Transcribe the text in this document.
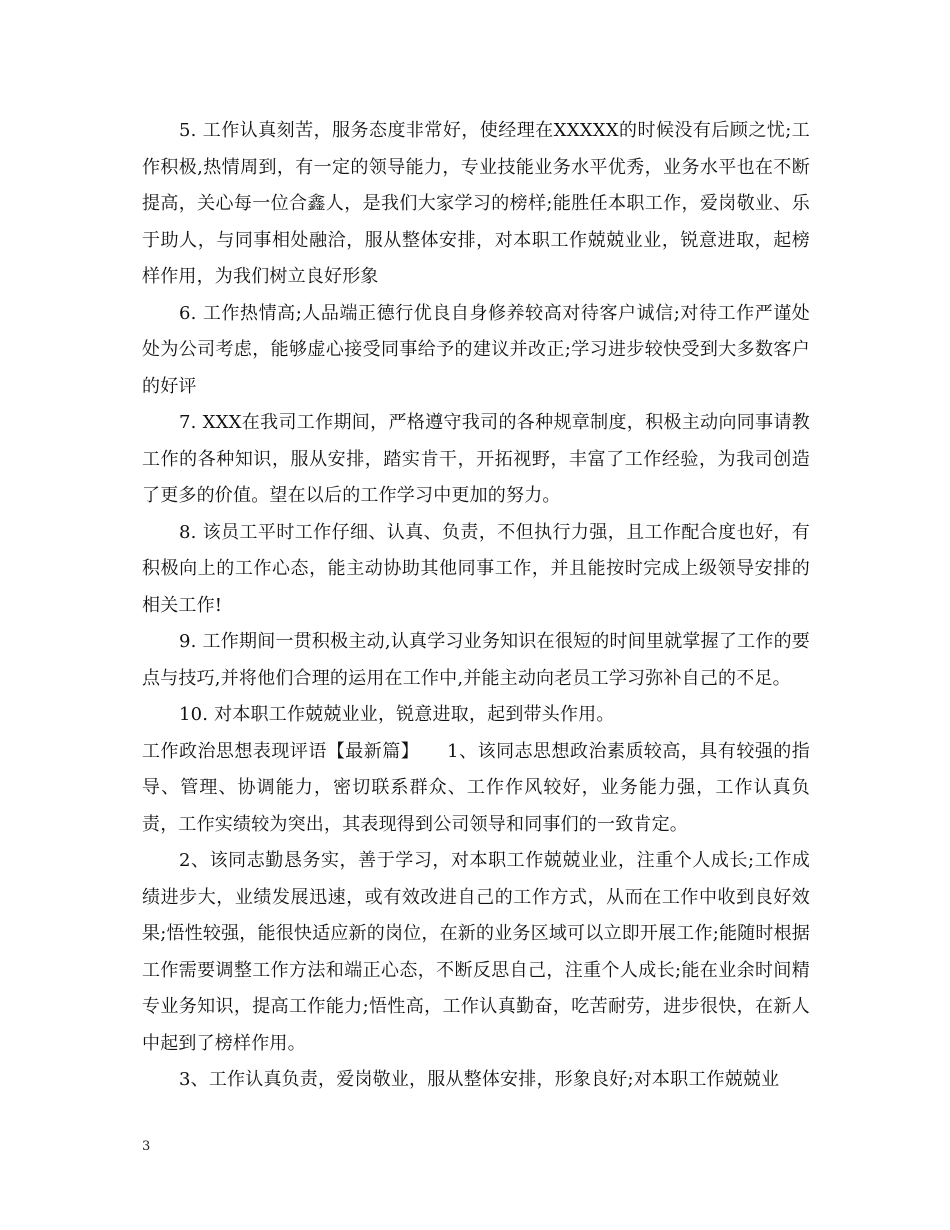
5. 工作认真刻苦，服务态度非常好，使经理在XXXXX的时候没有后顾之忧;工作积极,热情周到，有一定的领导能力，专业技能业务水平优秀，业务水平也在不断提高，关心每一位合鑫人，是我们大家学习的榜样;能胜任本职工作，爱岗敬业、乐于助人，与同事相处融洽，服从整体安排，对本职工作兢兢业业，锐意进取，起榜样作用，为我们树立良好形象

6. 工作热情高;人品端正德行优良自身修养较高对待客户诚信;对待工作严谨处处为公司考虑，能够虚心接受同事给予的建议并改正;学习进步较快受到大多数客户的好评

7. XXX在我司工作期间，严格遵守我司的各种规章制度，积极主动向同事请教工作的各种知识，服从安排，踏实肯干，开拓视野，丰富了工作经验，为我司创造了更多的价值。望在以后的工作学习中更加的努力。

8. 该员工平时工作仔细、认真、负责，不但执行力强，且工作配合度也好，有积极向上的工作心态，能主动协助其他同事工作，并且能按时完成上级领导安排的相关工作!

9. 工作期间一贯积极主动,认真学习业务知识在很短的时间里就掌握了工作的要点与技巧,并将他们合理的运用在工作中,并能主动向老员工学习弥补自己的不足。

10. 对本职工作兢兢业业，锐意进取，起到带头作用。

工作政治思想表现评语【最新篇】　　1、该同志思想政治素质较高，具有较强的指导、管理、协调能力，密切联系群众、工作作风较好，业务能力强，工作认真负责，工作实绩较为突出，其表现得到公司领导和同事们的一致肯定。

2、该同志勤恳务实，善于学习，对本职工作兢兢业业，注重个人成长;工作成绩进步大，业绩发展迅速，或有效改进自己的工作方式，从而在工作中收到良好效果;悟性较强，能很快适应新的岗位，在新的业务区域可以立即开展工作;能随时根据工作需要调整工作方法和端正心态，不断反思自己，注重个人成长;能在业余时间精专业务知识，提高工作能力;悟性高，工作认真勤奋，吃苦耐劳，进步很快，在新人中起到了榜样作用。

3、工作认真负责，爱岗敬业，服从整体安排，形象良好;对本职工作兢兢业

3
